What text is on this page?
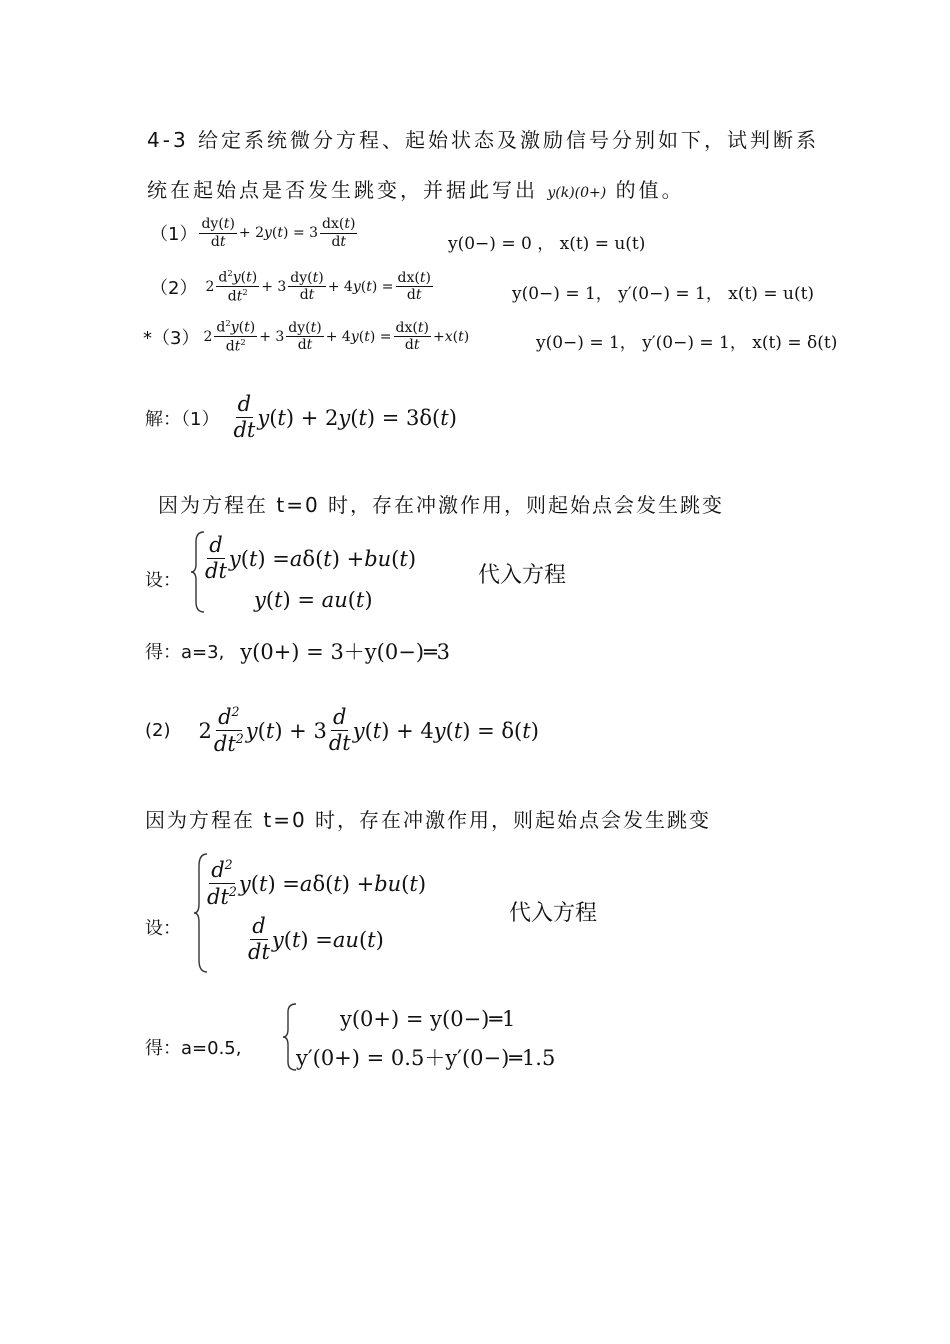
4-3 给定系统微分方程、起始状态及激励信号分别如下，试判断系
统在起始点是否发生跳变，并据此写出 y(k)(0+) 的值。
$(1) \frac{dy(t)}{dt} + 2$ y ( t ) = $3 \frac{dx(t)}{dt}$	y(0−) = 0 ， x(t) = u(t)
（2） $2 \frac{d^2y(t)}{dt^2} + 3 \frac{dy(t)}{dt} + 4$ y ( t ) = $\frac{dx(t)}{dt}$	y(0−) = 1， y′(0−) = 1， x(t) = u(t)
*（3） $2 \frac{d^2y(t)}{dt^2} + 3 \frac{dy(t)}{dt} + 4$ y ( t ) = $\frac{dx(t)}{dt} + x$ ( t )	y(0−) = 1， y′(0−) = 1， x(t) = δ(t)
解：$(1) \frac{d}{dt}$ y ( t ) + 2 y ( t ) = 3δ( t )
因为方程在 t=0 时，存在冲激作用，则起始点会发生跳变
设： $\frac{d}{dt}$ y ( t ) = a δ( t ) + bu ( t )
y(t) = au(t)
代入方程
得：a=3, y(0+) = 3＋y(0−)═3
(2) $2 \frac{d^2}{dt^2}$ y ( t ) + $3 \frac{d}{dt}$ y ( t ) + 4 y ( t ) = δ( t )
因为方程在 t=0 时，存在冲激作用，则起始点会发生跳变
设：
$\frac{d^2}{dt^2}$ y ( t ) = a δ( t ) + bu ( t )
$\frac{d}{dt}$ y ( t ) = au ( t )
代入方程
得：a=0.5,
y(0+) = y(0−)═1
y′(0+) = 0.5＋y′(0−)═1.5
